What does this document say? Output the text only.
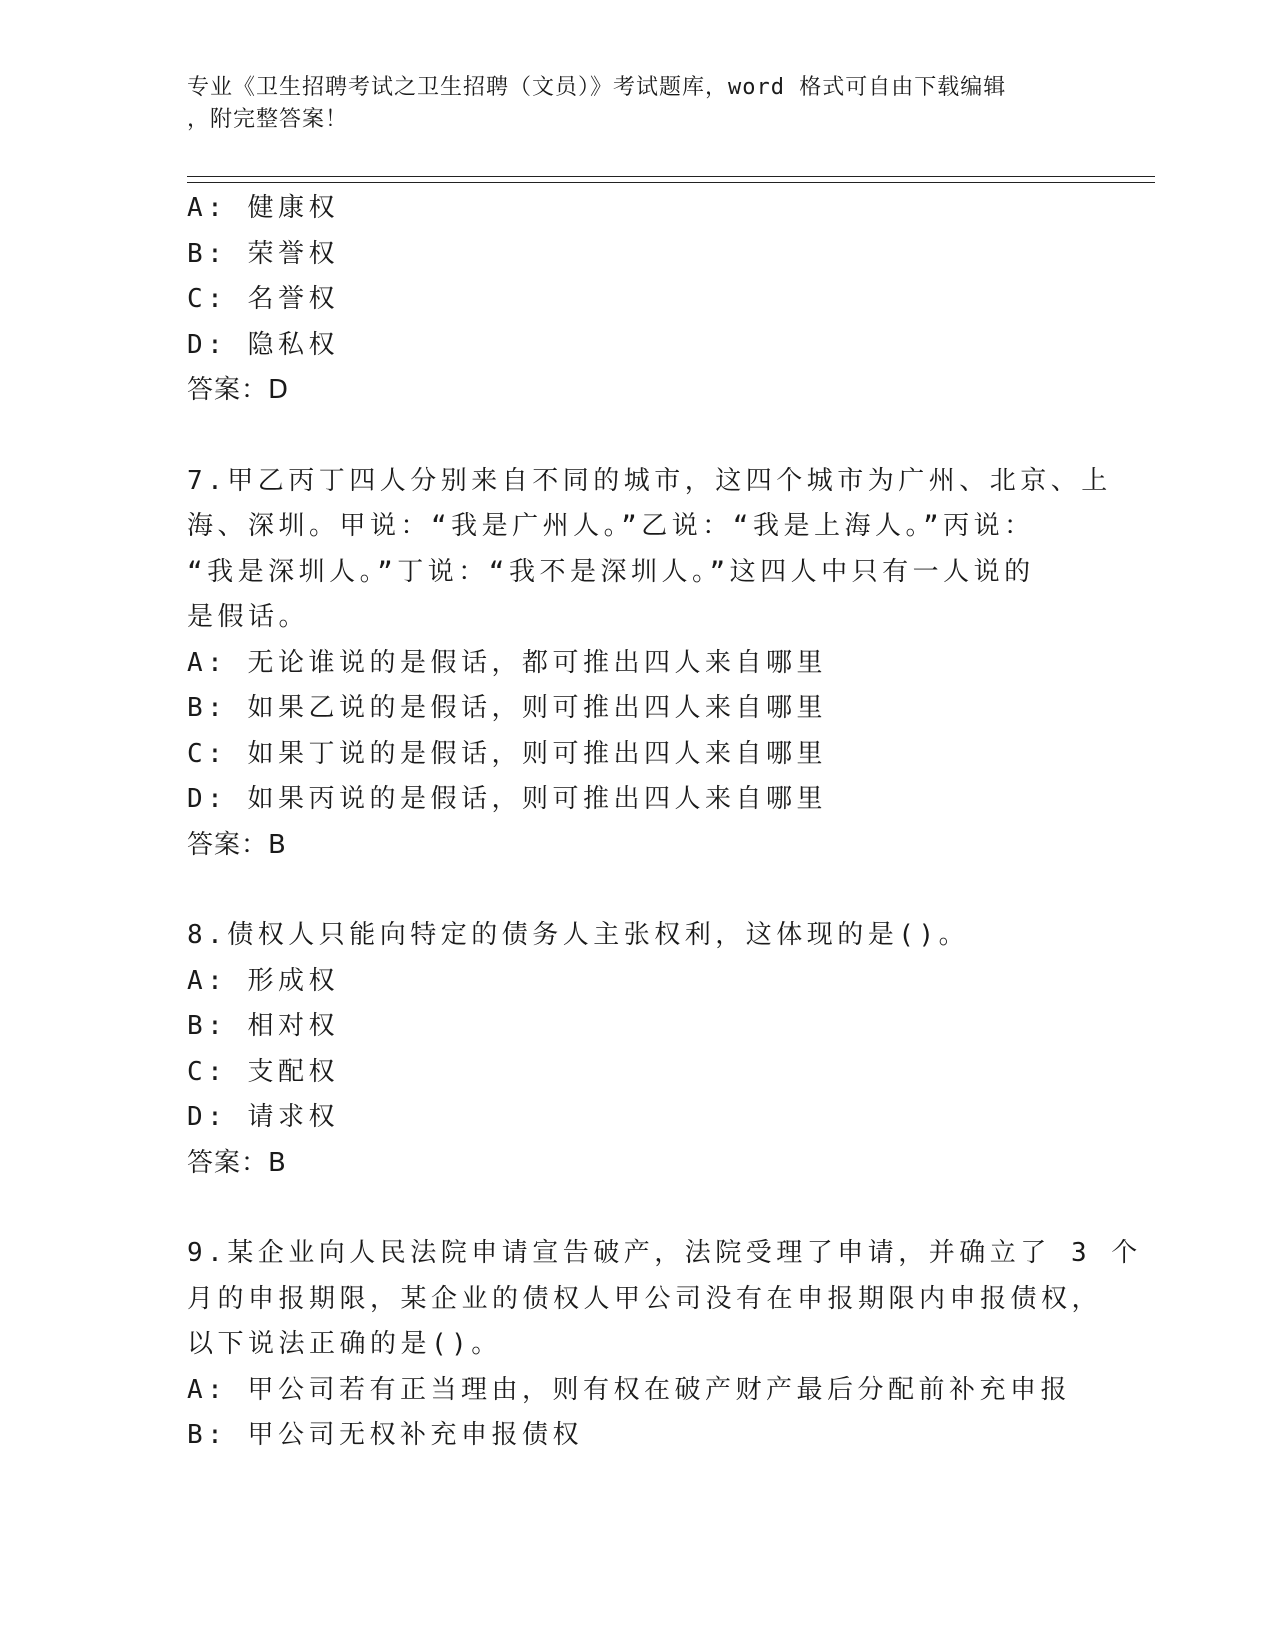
专业《卫生招聘考试之卫生招聘（文员）》考试题库，word 格式可自由下载编辑
，附完整答案！
A: 健康权
B: 荣誉权
C: 名誉权
D: 隐私权
答案：D
7.甲乙丙丁四人分别来自不同的城市，这四个城市为广州、北京、上
海、深圳。甲说：“我是广州人。”乙说：“我是上海人。”丙说：
“我是深圳人。”丁说：“我不是深圳人。”这四人中只有一人说的
是假话。
A: 无论谁说的是假话，都可推出四人来自哪里
B: 如果乙说的是假话，则可推出四人来自哪里
C: 如果丁说的是假话，则可推出四人来自哪里
D: 如果丙说的是假话，则可推出四人来自哪里
答案：B
8.债权人只能向特定的债务人主张权利，这体现的是()。
A: 形成权
B: 相对权
C: 支配权
D: 请求权
答案：B
9.某企业向人民法院申请宣告破产，法院受理了申请，并确立了 3 个
月的申报期限，某企业的债权人甲公司没有在申报期限内申报债权，
以下说法正确的是()。
A: 甲公司若有正当理由，则有权在破产财产最后分配前补充申报
B: 甲公司无权补充申报债权
